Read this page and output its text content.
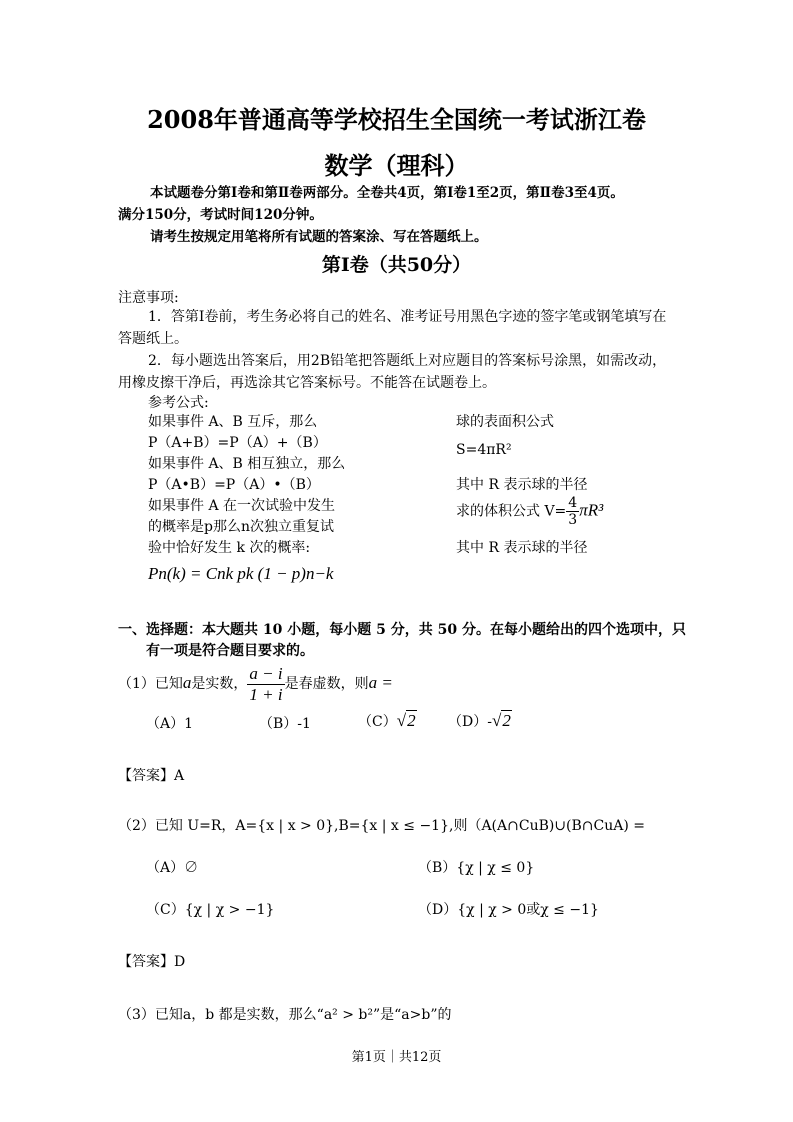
2008年普通高等学校招生全国统一考试浙江卷
数学（理科）
本试题卷分第Ⅰ卷和第Ⅱ卷两部分。全卷共4页，第Ⅰ卷1至2页，第Ⅱ卷3至4页。
满分150分，考试时间120分钟。
请考生按规定用笔将所有试题的答案涂、写在答题纸上。
第Ⅰ卷（共50分）
注意事项:
1．答第Ⅰ卷前，考生务必将自己的姓名、准考证号用黑色字迹的签字笔或钢笔填写在
答题纸上。
2．每小题选出答案后，用2B铅笔把答题纸上对应题目的答案标号涂黑，如需改动，
用橡皮擦干净后，再选涂其它答案标号。不能答在试题卷上。
参考公式:
如果事件 A、B 互斥，那么
P（A+B）=P（A）+（B）
如果事件 A、B 相互独立，那么
P（A•B）=P（A）•（B）
如果事件 A 在一次试验中发生
的概率是p那么n次独立重复试
验中恰好发生 k 次的概率:
Pn(k) = Cnk pk (1 − p)n−k
球的表面积公式
S=4πR²
其中 R 表示球的半径
求的体积公式 $V= \frac{4}{3} \pi R^3$
其中 R 表示球的半径
一、选择题：本大题共 10 小题，每小题 5 分，共 50 分。在每小题给出的四个选项中，只
有一项是符合题目要求的。
（1）已知a是实数， $\frac{a - i}{1 + i}$ 是春虚数，则a =
（A）1	（B）-1	（C）√2 （D）-√2
【答案】A
（2）已知 U=R，A={x | x > 0},B={x | x ≤ −1},则（A(A∩CuB)∪(B∩CuA) =
（A）∅	（B）{χ | χ ≤ 0}
（C）{χ | χ > −1}	（D）{χ | χ > 0或χ ≤ −1}
【答案】D
（3）已知a，b 都是实数，那么“a² > b²”是“a>b”的
第1页｜共12页
